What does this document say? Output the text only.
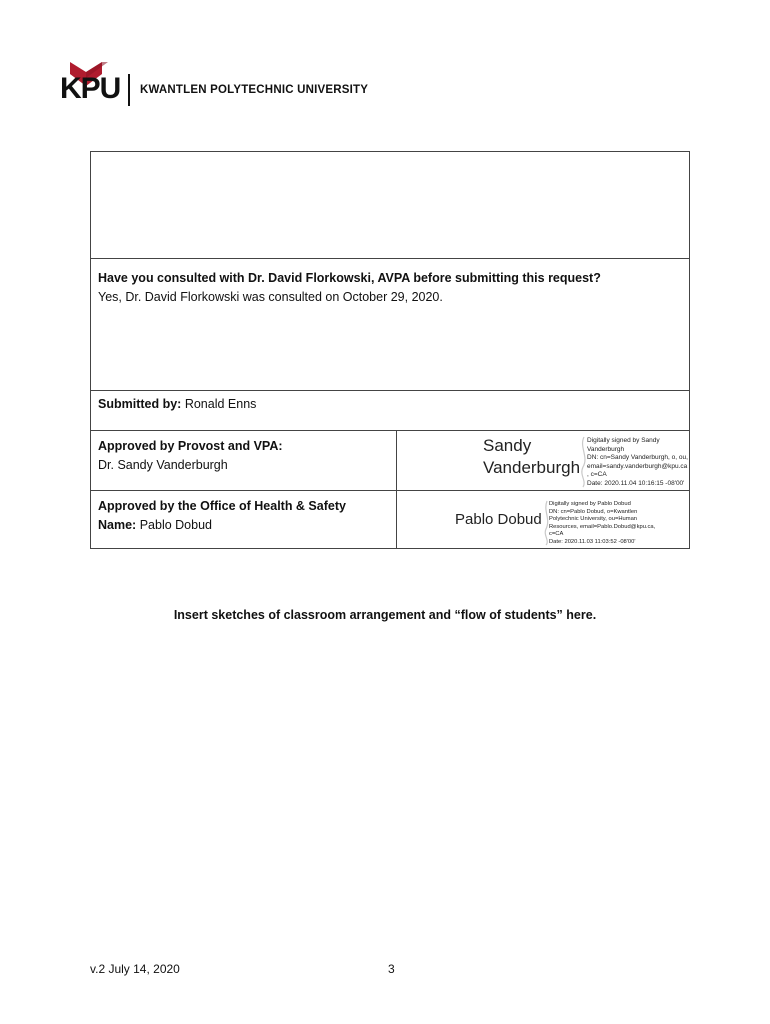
KPU KWANTLEN POLYTECHNIC UNIVERSITY
Have you consulted with Dr. David Florkowski, AVPA before submitting this request?
Yes, Dr. David Florkowski was consulted on October 29, 2020.
Submitted by: Ronald Enns
Approved by Provost and VPA:
Dr. Sandy Vanderburgh
Sandy
Vanderburgh
Digitally signed by Sandy
Vanderburgh
DN: cn=Sandy Vanderburgh, o, ou,
email=sandy.vanderburgh@kpu.ca
, c=CA
Date: 2020.11.04 10:16:15 -08'00'
Approved by the Office of Health & Safety
Name: Pablo Dobud	Pablo Dobud
Digitally signed by Pablo Dobud
DN: cn=Pablo Dobud, o=Kwantlen
Polytechnic University, ou=Human
Resources, email=Pablo.Dobud@kpu.ca,
c=CA
Date: 2020.11.03 11:03:52 -08'00'
Insert sketches of classroom arrangement and “flow of students” here.
v.2 July 14, 2020	3
